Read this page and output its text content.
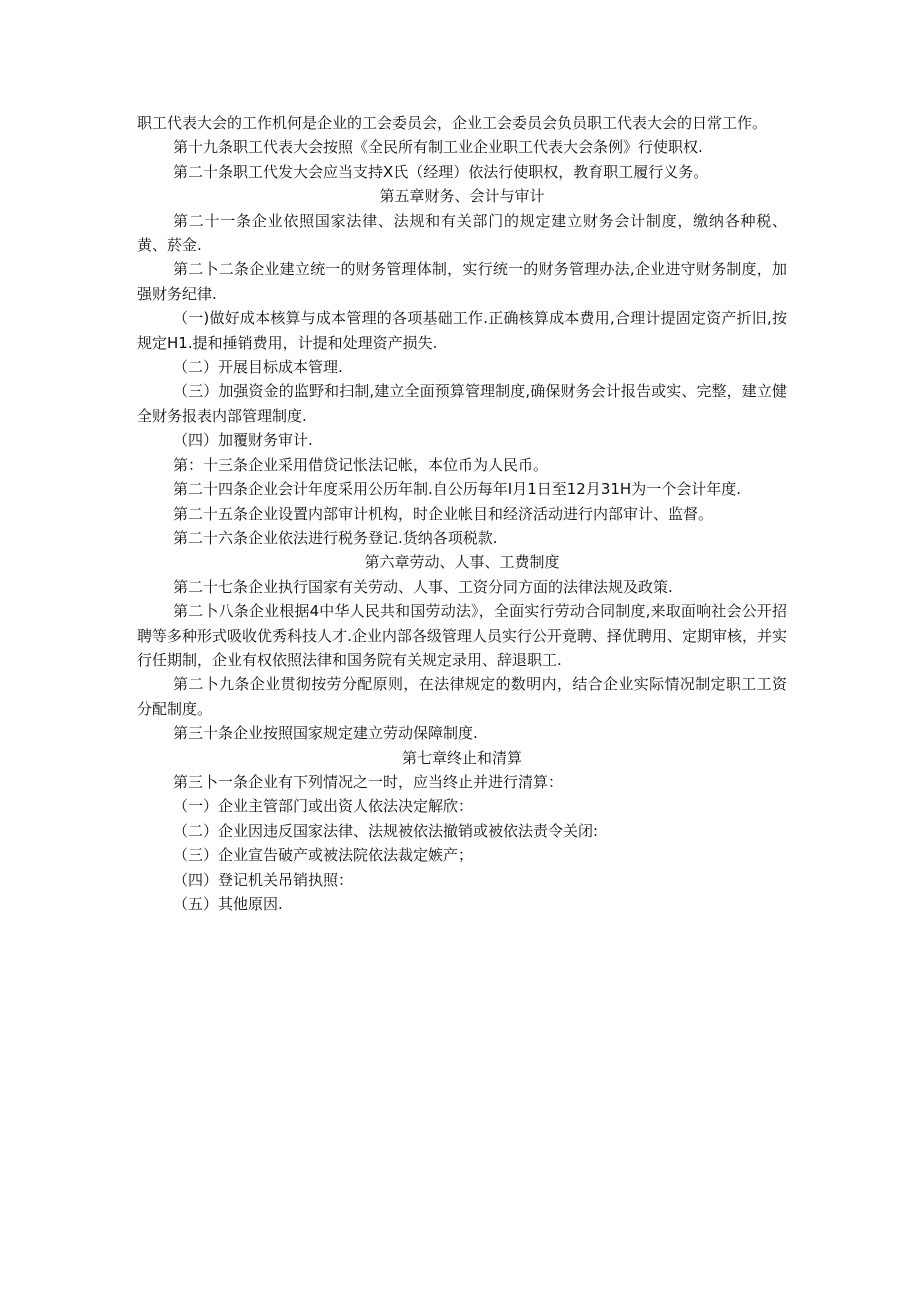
职工代表大会的工作机何是企业的工会委员会，企业工会委员会负员职工代表大会的日常工作。

第十九条职工代表大会按照《全民所有制工业企业职工代表大会条例》行使职权.

第二十条职工代发大会应当支持X氏（经理）依法行使职权，教育职工履行义务。

第五章财务、会计与审计

第二十一条企业依照国家法律、法规和有关部门的规定建立财务会计制度，缴纳各种税、黄、菸金.

第二卜二条企业建立统一的财务管理体制，实行统一的财务管理办法,企业进守财务制度，加强财务纪律.

（一)做好成本核算与成本管理的各项基础工作.正确核算成本费用,合理计提固定资产折旧,按规定H1.提和捶销费用，计提和处理资产损失.

（二）开展目标成本管理.

（三）加强资金的监野和扫制,建立全面预算管理制度,确保财务会计报告或实、完整，建立健全财务报表内部管理制度.

（四）加覆财务审计.

第：十三条企业采用借贷记怅法记帐，本位币为人民币。

第二十四条企业会计年度采用公历年制.自公历每年I月1日至12月31H为一个会计年度.

第二十五条企业设置内部审计机构，时企业帐目和经济活动进行内部审计、监督。

第二十六条企业依法进行税务登记.货纳各项税款.

第六章劳动、人事、工费制度

第二十七条企业执行国家有关劳动、人事、工资分同方面的法律法规及政策.

第二卜八条企业根据4中华人民共和国劳动法》，全面实行劳动合同制度,来取面响社会公开招聘等多种形式吸收优秀科技人才.企业内部各级管理人员实行公开竟聘、择优聘用、定期审核，并实行任期制，企业有权依照法律和国务院有关规定录用、辞退职工.

第二卜九条企业贯彻按劳分配原则，在法律规定的数明内，结合企业实际情况制定职工工资分配制度。

第三十条企业按照国家规定建立劳动保障制度.

第七章终止和清算

第三卜一条企业有下列情况之一时，应当终止并进行清算：

（一）企业主管部门或出资人依法决定解欣：

（二）企业因违反国家法律、法规被依法撤销或被依法责令关闭:

（三）企业宣告破产或被法院依法裁定嫉产；

（四）登记机关吊销执照：

（五）其他原因.
